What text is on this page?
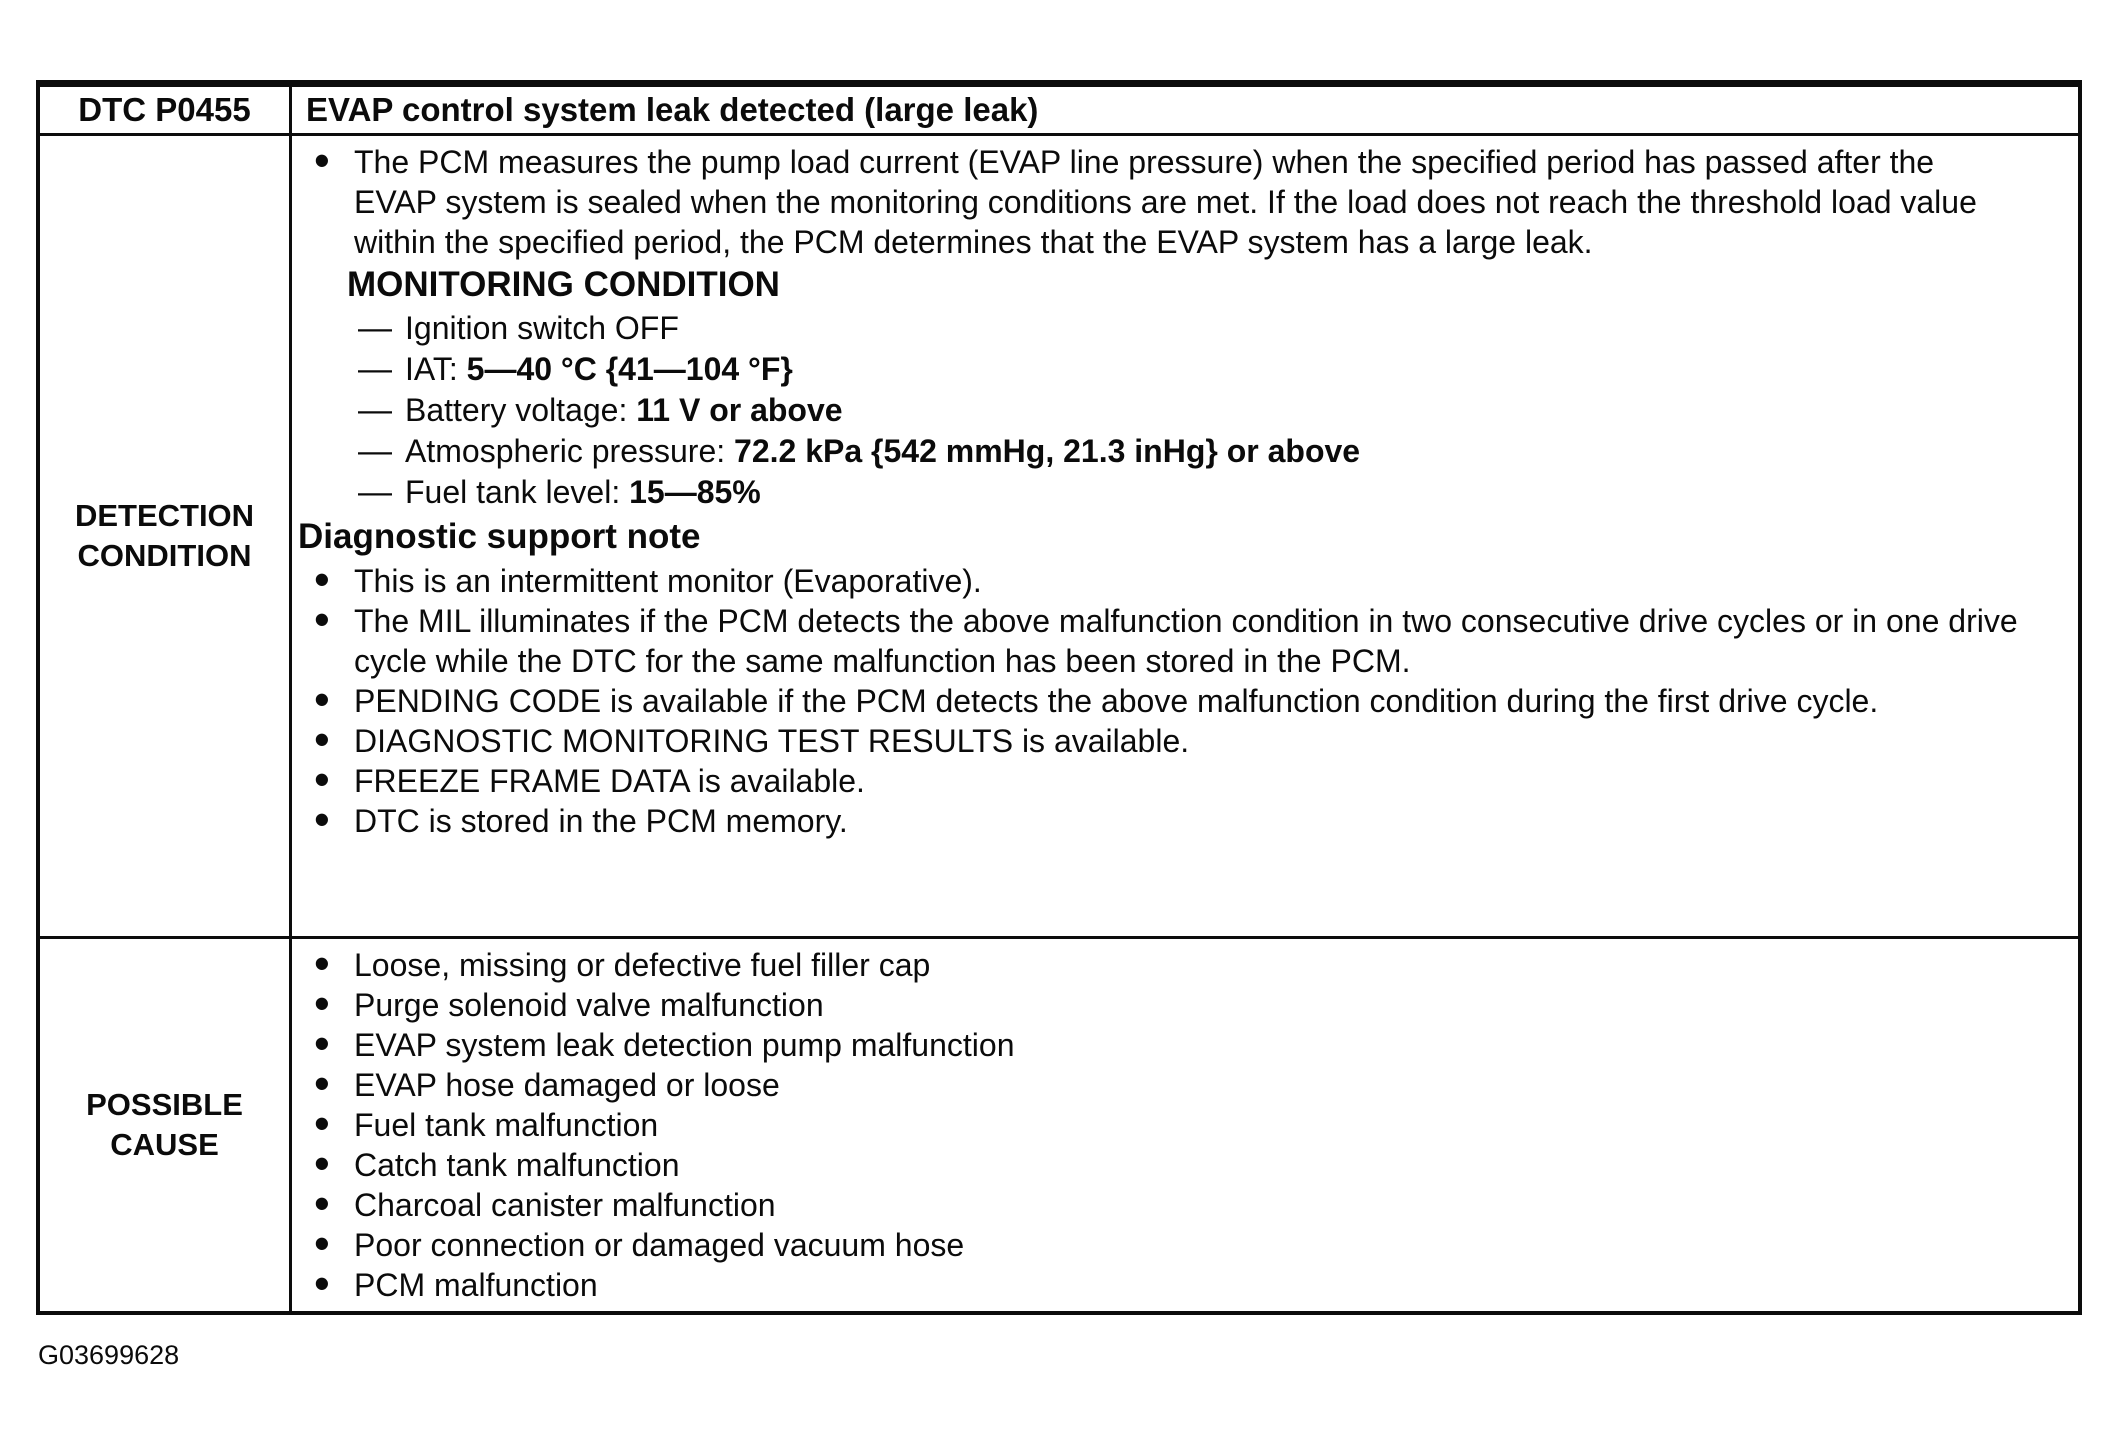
DTC P0455 EVAP control system leak detected (large leak)
DETECTION
CONDITION
• The PCM measures the pump load current (EVAP line pressure) when the specified period has passed after the EVAP system is sealed when the monitoring conditions are met. If the load does not reach the threshold load value within the specified period, the PCM determines that the EVAP system has a large leak.
MONITORING CONDITION
— Ignition switch OFF
— IAT: 5—40 °C {41—104 °F}
— Battery voltage: 11 V or above
— Atmospheric pressure: 72.2 kPa {542 mmHg, 21.3 inHg} or above
— Fuel tank level: 15—85%
Diagnostic support note
• This is an intermittent monitor (Evaporative).
• The MIL illuminates if the PCM detects the above malfunction condition in two consecutive drive cycles or in one drive cycle while the DTC for the same malfunction has been stored in the PCM.
• PENDING CODE is available if the PCM detects the above malfunction condition during the first drive cycle.
• DIAGNOSTIC MONITORING TEST RESULTS is available.
• FREEZE FRAME DATA is available.
• DTC is stored in the PCM memory.
POSSIBLE
CAUSE
• Loose, missing or defective fuel filler cap
• Purge solenoid valve malfunction
• EVAP system leak detection pump malfunction
• EVAP hose damaged or loose
• Fuel tank malfunction
• Catch tank malfunction
• Charcoal canister malfunction
• Poor connection or damaged vacuum hose
• PCM malfunction
G03699628
